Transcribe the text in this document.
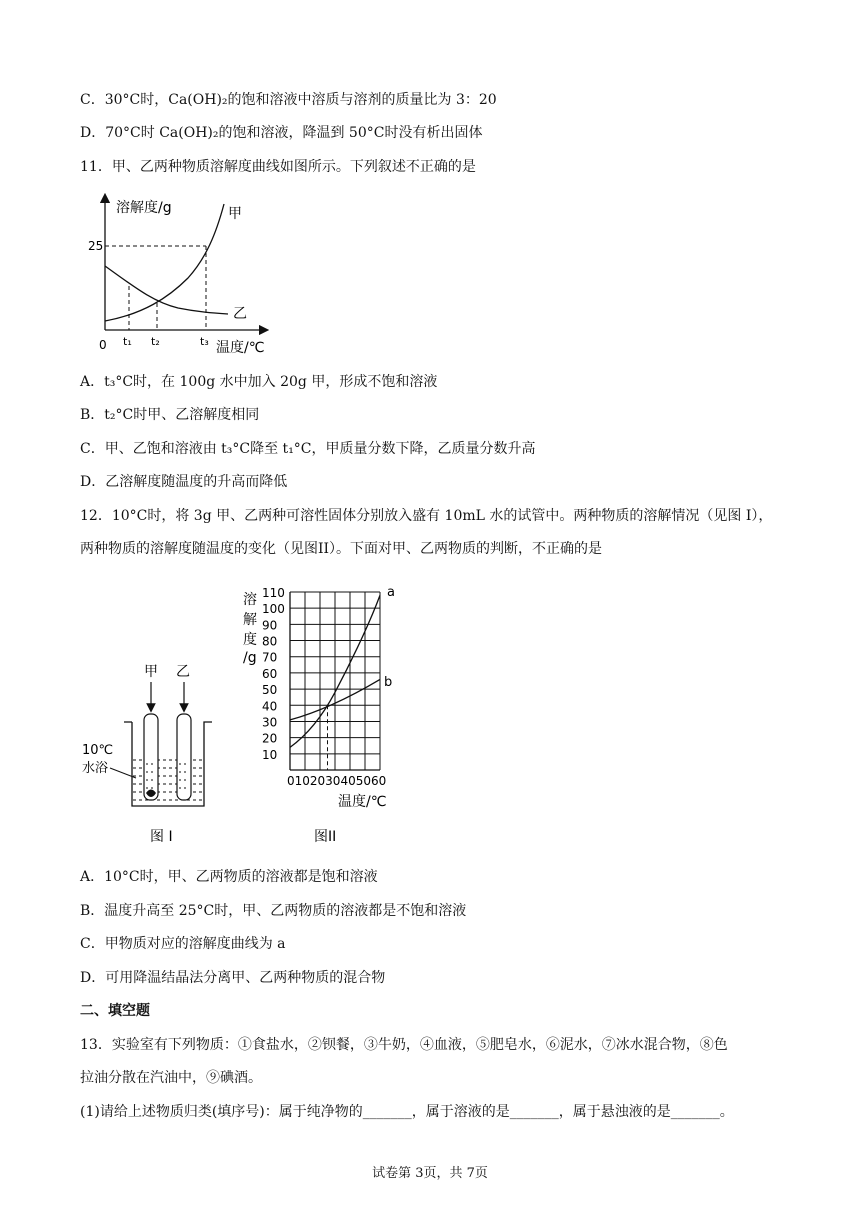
C．30°C时，Ca(OH)₂的饱和溶液中溶质与溶剂的质量比为 3：20
D．70°C时 Ca(OH)₂的饱和溶液，降温到 50°C时没有析出固体
11．甲、乙两种物质溶解度曲线如图所示。下列叙述不正确的是
溶解度/g
0
25
甲
乙
t₁ t₂	t₃ 温度/℃
A．t₃°C时，在 100g 水中加入 20g 甲，形成不饱和溶液
B．t₂°C时甲、乙溶解度相同
C．甲、乙饱和溶液由 t₃°C降至 t₁°C，甲质量分数下降，乙质量分数升高
D．乙溶解度随温度的升高而降低
12．10°C时，将 3g 甲、乙两种可溶性固体分别放入盛有 10mL 水的试管中。两种物质的溶解情况（见图 I），
两种物质的溶解度随温度的变化（见图II）。下面对甲、乙两物质的判断，不正确的是
甲 乙
10℃
水浴
图 I
溶
解
度
/g
110
100
90
80
70
60
50
40
30
20
10
a
b
0102030405060
温度/℃
图II
A．10°C时，甲、乙两物质的溶液都是饱和溶液
B．温度升高至 25°C时，甲、乙两物质的溶液都是不饱和溶液
C．甲物质对应的溶解度曲线为 a
D．可用降温结晶法分离甲、乙两种物质的混合物
二、填空题
13．实验室有下列物质：①食盐水，②钡餐，③牛奶，④血液，⑤肥皂水，⑥泥水，⑦冰水混合物，⑧色
拉油分散在汽油中，⑨碘酒。
(1)请给上述物质归类(填序号)：属于纯净物的_______，属于溶液的是_______，属于悬浊液的是_______。
试卷第 3页，共 7页
